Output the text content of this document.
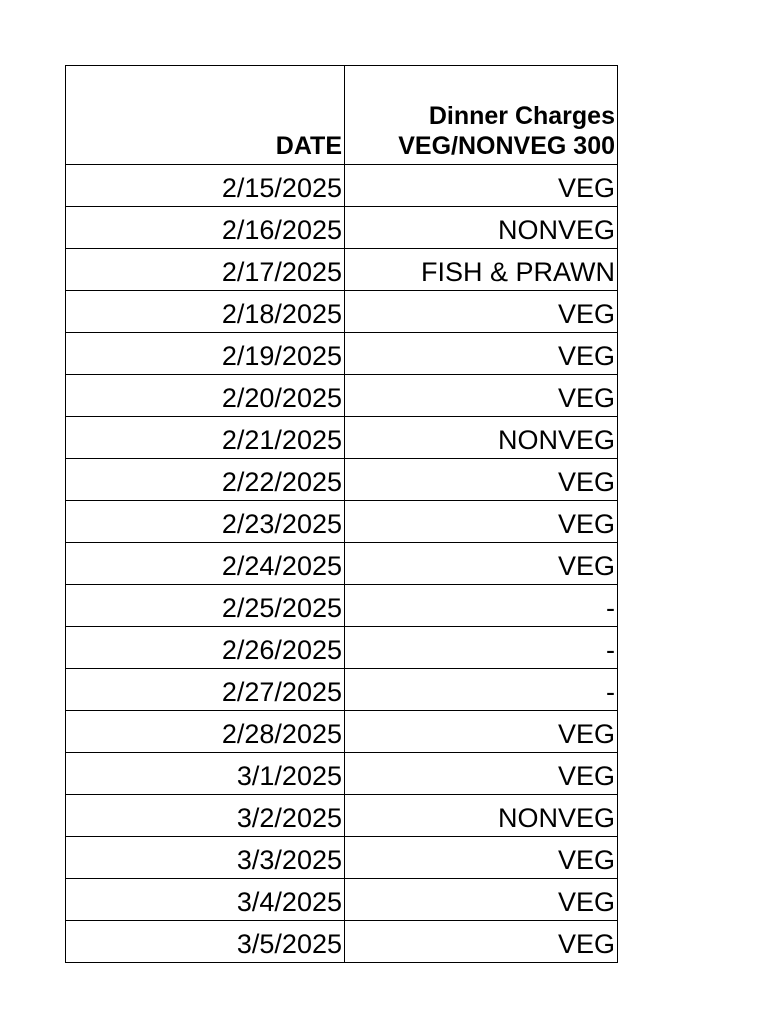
DATE	Dinner Charges
VEG/NONVEG 300

2/15/2025	VEG
2/16/2025	NONVEG
2/17/2025	FISH & PRAWN
2/18/2025	VEG
2/19/2025	VEG
2/20/2025	VEG
2/21/2025	NONVEG
2/22/2025	VEG
2/23/2025	VEG
2/24/2025	VEG
2/25/2025	-
2/26/2025	-
2/27/2025	-
2/28/2025	VEG
3/1/2025	VEG
3/2/2025	NONVEG
3/3/2025	VEG
3/4/2025	VEG
3/5/2025	VEG
